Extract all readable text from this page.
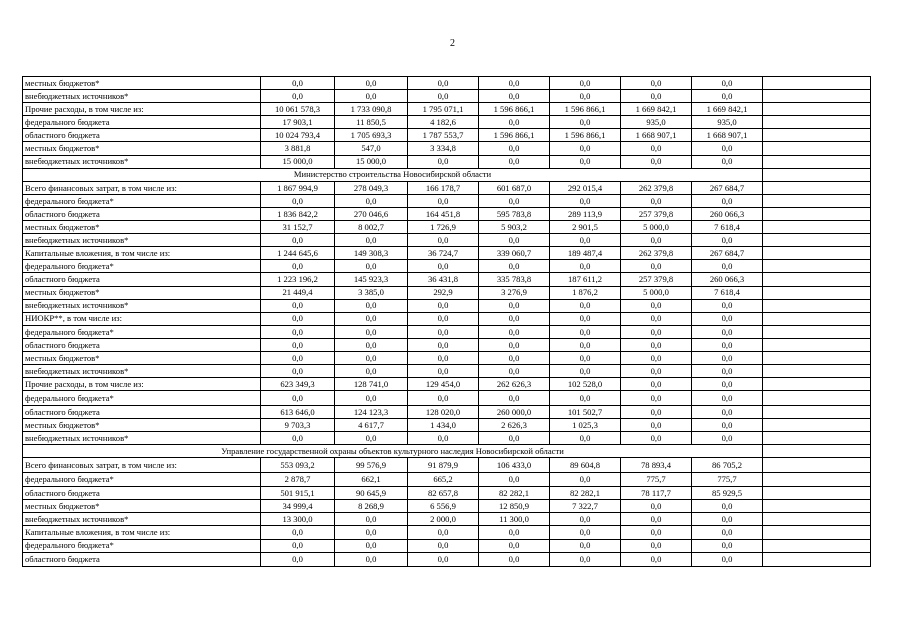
2
местных бюджетов*	0,0	0,0	0,0	0,0	0,0	0,0	0,0	
внебюджетных источников*	0,0	0,0	0,0	0,0	0,0	0,0	0,0	
Прочие расходы, в том числе из:	10 061 578,3	1 733 090,8	1 795 071,1	1 596 866,1	1 596 866,1	1 669 842,1	1 669 842,1	
федерального бюджета	17 903,1	11 850,5	4 182,6	0,0	0,0	935,0	935,0	
областного бюджета	10 024 793,4	1 705 693,3	1 787 553,7	1 596 866,1	1 596 866,1	1 668 907,1	1 668 907,1	
местных бюджетов*	3 881,8	547,0	3 334,8	0,0	0,0	0,0	0,0	
внебюджетных источников*	15 000,0	15 000,0	0,0	0,0	0,0	0,0	0,0	
Министерство строительства Новосибирской области								
Всего финансовых затрат, в том числе из:	1 867 994,9	278 049,3	166 178,7	601 687,0	292 015,4	262 379,8	267 684,7	
федерального бюджета*	0,0	0,0	0,0	0,0	0,0	0,0	0,0	
областного бюджета	1 836 842,2	270 046,6	164 451,8	595 783,8	289 113,9	257 379,8	260 066,3	
местных бюджетов*	31 152,7	8 002,7	1 726,9	5 903,2	2 901,5	5 000,0	7 618,4	
внебюджетных источников*	0,0	0,0	0,0	0,0	0,0	0,0	0,0	
Капитальные вложения, в том числе из:	1 244 645,6	149 308,3	36 724,7	339 060,7	189 487,4	262 379,8	267 684,7	
федерального бюджета*	0,0	0,0	0,0	0,0	0,0	0,0	0,0	
областного бюджета	1 223 196,2	145 923,3	36 431,8	335 783,8	187 611,2	257 379,8	260 066,3	
местных бюджетов*	21 449,4	3 385,0	292,9	3 276,9	1 876,2	5 000,0	7 618,4	
внебюджетных источников*	0,0	0,0	0,0	0,0	0,0	0,0	0,0	
НИОКР**, в том числе из:	0,0	0,0	0,0	0,0	0,0	0,0	0,0	
федерального бюджета*	0,0	0,0	0,0	0,0	0,0	0,0	0,0	
областного бюджета	0,0	0,0	0,0	0,0	0,0	0,0	0,0	
местных бюджетов*	0,0	0,0	0,0	0,0	0,0	0,0	0,0	
внебюджетных источников*	0,0	0,0	0,0	0,0	0,0	0,0	0,0	
Прочие расходы, в том числе из:	623 349,3	128 741,0	129 454,0	262 626,3	102 528,0	0,0	0,0	
федерального бюджета*	0,0	0,0	0,0	0,0	0,0	0,0	0,0	
областного бюджета	613 646,0	124 123,3	128 020,0	260 000,0	101 502,7	0,0	0,0	
местных бюджетов*	9 703,3	4 617,7	1 434,0	2 626,3	1 025,3	0,0	0,0	
внебюджетных источников*	0,0	0,0	0,0	0,0	0,0	0,0	0,0	
Управление государственной охраны объектов культурного наследия Новосибирской области								
Всего финансовых затрат, в том числе из:	553 093,2	99 576,9	91 879,9	106 433,0	89 604,8	78 893,4	86 705,2	
федерального бюджета*	2 878,7	662,1	665,2	0,0	0,0	775,7	775,7	
областного бюджета	501 915,1	90 645,9	82 657,8	82 282,1	82 282,1	78 117,7	85 929,5	
местных бюджетов*	34 999,4	8 268,9	6 556,9	12 850,9	7 322,7	0,0	0,0	
внебюджетных источников*	13 300,0	0,0	2 000,0	11 300,0	0,0	0,0	0,0	
Капитальные вложения, в том числе из:	0,0	0,0	0,0	0,0	0,0	0,0	0,0	
федерального бюджета*	0,0	0,0	0,0	0,0	0,0	0,0	0,0	
областного бюджета	0,0	0,0	0,0	0,0	0,0	0,0	0,0	
